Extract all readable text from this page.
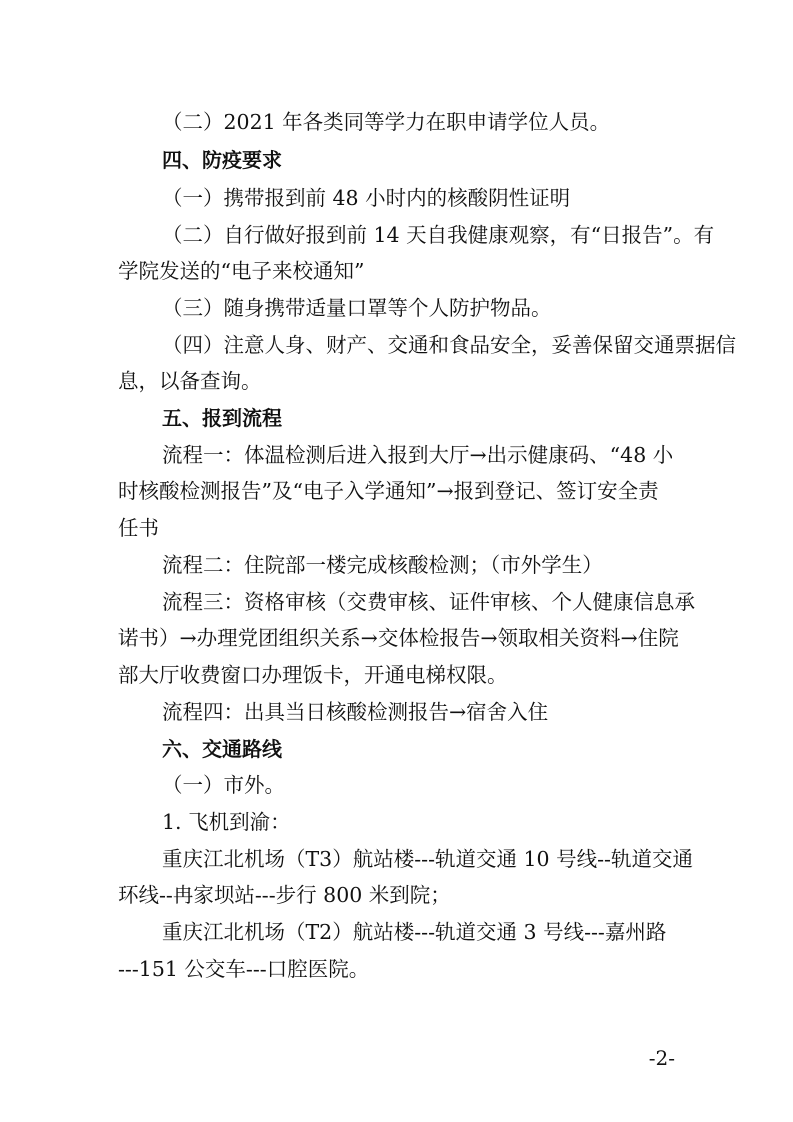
（二）2021 年各类同等学力在职申请学位人员。
四、防疫要求
（一）携带报到前 48 小时内的核酸阴性证明
（二）自行做好报到前 14 天自我健康观察，有“日报告”。有
学院发送的“电子来校通知”
（三）随身携带适量口罩等个人防护物品。
（四）注意人身、财产、交通和食品安全，妥善保留交通票据信
息，以备查询。
五、报到流程
流程一：体温检测后进入报到大厅→出示健康码、“48 小
时核酸检测报告”及“电子入学通知”→报到登记、签订安全责
任书
流程二：住院部一楼完成核酸检测；（市外学生）
流程三：资格审核（交费审核、证件审核、个人健康信息承
诺书）→办理党团组织关系→交体检报告→领取相关资料→住院
部大厅收费窗口办理饭卡，开通电梯权限。
流程四：出具当日核酸检测报告→宿舍入住
六、交通路线
（一）市外。
1. 飞机到渝：
重庆江北机场（T3）航站楼---轨道交通 10 号线--轨道交通
环线--冉家坝站---步行 800 米到院；
重庆江北机场（T2）航站楼---轨道交通 3 号线---嘉州路
---151 公交车---口腔医院。
-2-
